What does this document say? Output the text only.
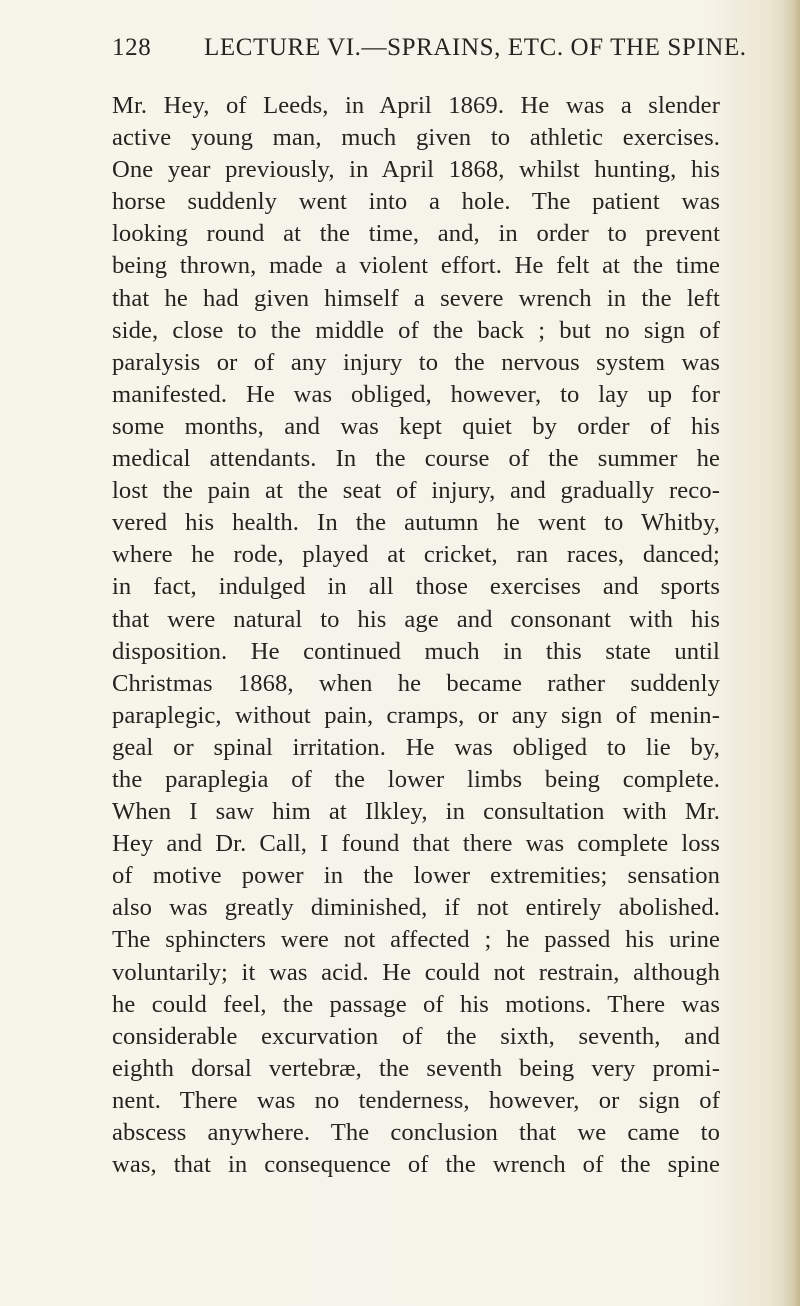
128	LECTURE VI.—SPRAINS, ETC. OF THE SPINE.
Mr. Hey, of Leeds, in April 1869. He was a slender
active young man, much given to athletic exercises.
One year previously, in April 1868, whilst hunting, his
horse suddenly went into a hole. The patient was
looking round at the time, and, in order to prevent
being thrown, made a violent effort. He felt at the time
that he had given himself a severe wrench in the left
side, close to the middle of the back ; but no sign of
paralysis or of any injury to the nervous system was
manifested. He was obliged, however, to lay up for
some months, and was kept quiet by order of his
medical attendants. In the course of the summer he
lost the pain at the seat of injury, and gradually reco-
vered his health. In the autumn he went to Whitby,
where he rode, played at cricket, ran races, danced;
in fact, indulged in all those exercises and sports
that were natural to his age and consonant with his
disposition. He continued much in this state until
Christmas 1868, when he became rather suddenly
paraplegic, without pain, cramps, or any sign of menin-
geal or spinal irritation. He was obliged to lie by,
the paraplegia of the lower limbs being complete.
When I saw him at Ilkley, in consultation with Mr.
Hey and Dr. Call, I found that there was complete loss
of motive power in the lower extremities; sensation
also was greatly diminished, if not entirely abolished.
The sphincters were not affected ; he passed his urine
voluntarily; it was acid. He could not restrain, although
he could feel, the passage of his motions. There was
considerable excurvation of the sixth, seventh, and
eighth dorsal vertebræ, the seventh being very promi-
nent. There was no tenderness, however, or sign of
abscess anywhere. The conclusion that we came to
was, that in consequence of the wrench of the spine
